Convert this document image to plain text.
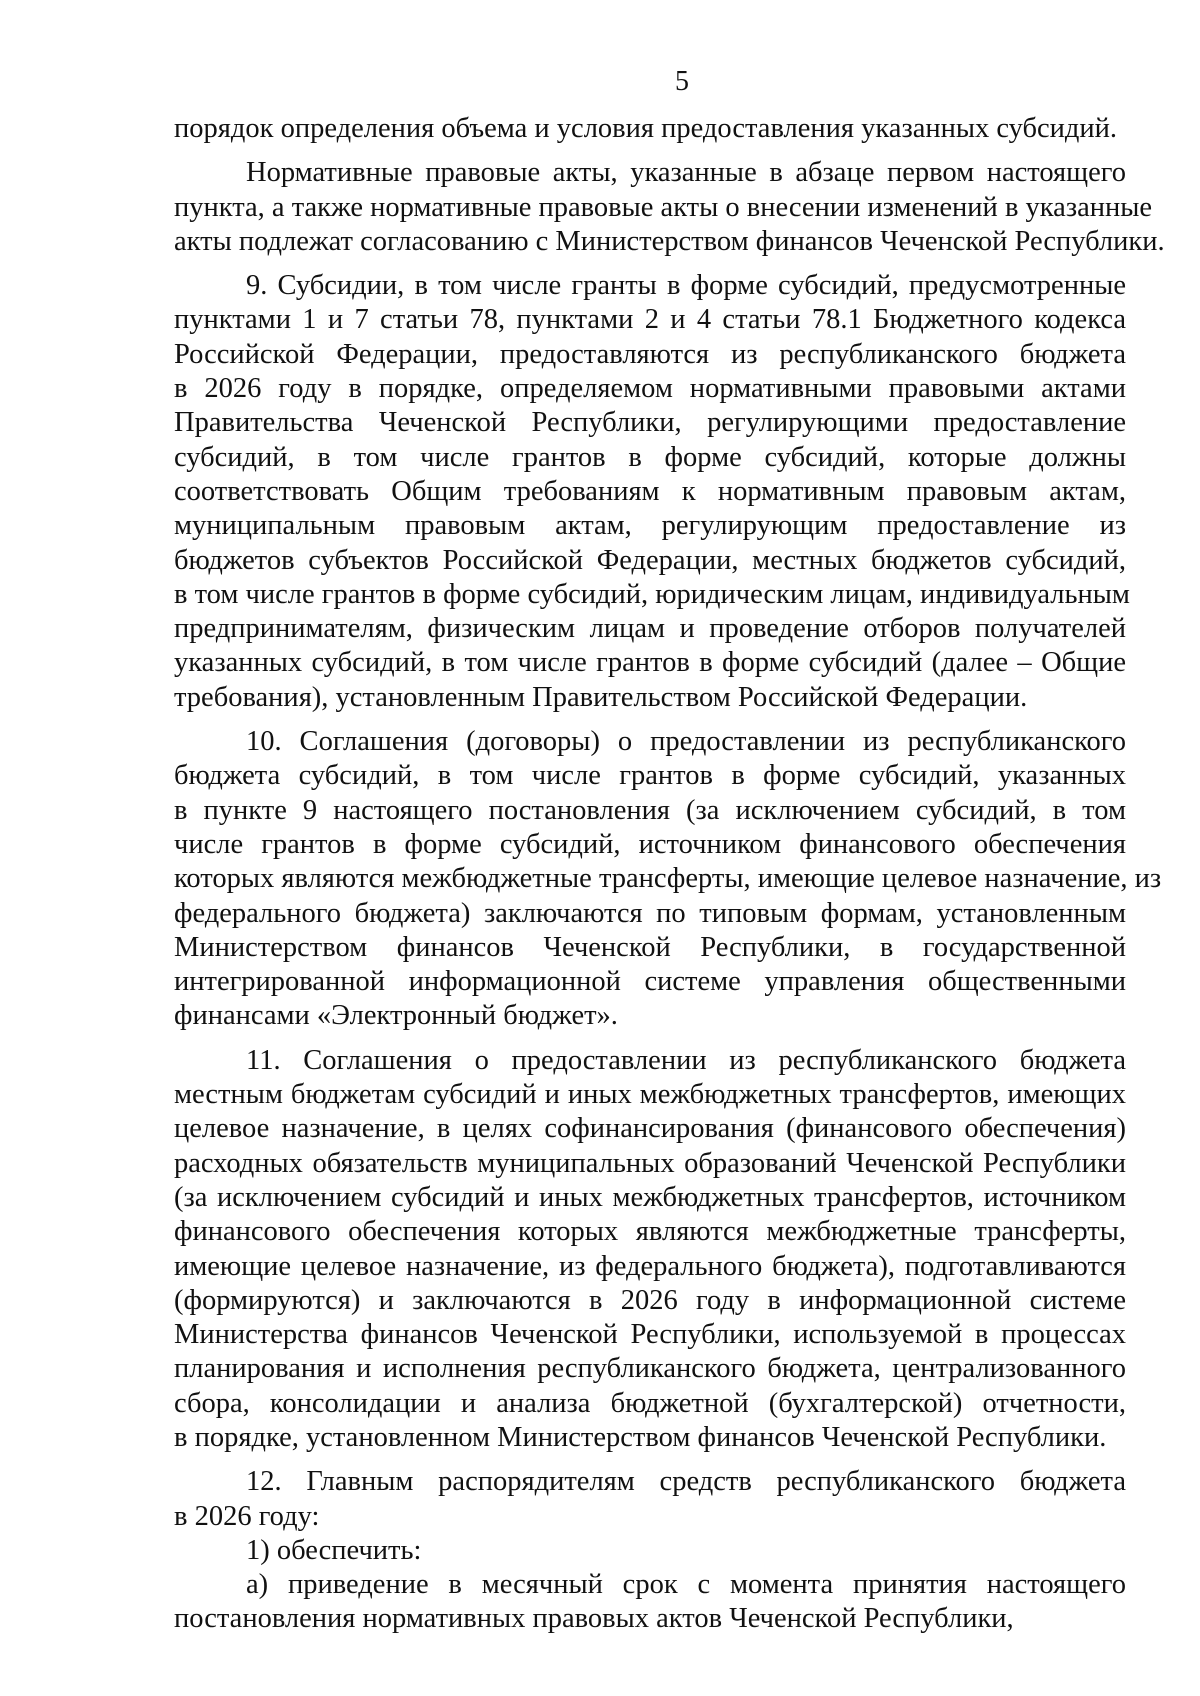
5
порядок определения объема и условия предоставления указанных субсидий.
Нормативные правовые акты, указанные в абзаце первом настоящего
пункта, а также нормативные правовые акты о внесении изменений в указанные
акты подлежат согласованию с Министерством финансов Чеченской Республики.
9. Субсидии, в том числе гранты в форме субсидий, предусмотренные
пунктами 1 и 7 статьи 78, пунктами 2 и 4 статьи 78.1 Бюджетного кодекса
Российской Федерации, предоставляются из республиканского бюджета
в 2026 году в порядке, определяемом нормативными правовыми актами
Правительства Чеченской Республики, регулирующими предоставление
субсидий, в том числе грантов в форме субсидий, которые должны
соответствовать Общим требованиям к нормативным правовым актам,
муниципальным правовым актам, регулирующим предоставление из
бюджетов субъектов Российской Федерации, местных бюджетов субсидий,
в том числе грантов в форме субсидий, юридическим лицам, индивидуальным
предпринимателям, физическим лицам и проведение отборов получателей
указанных субсидий, в том числе грантов в форме субсидий (далее – Общие
требования), установленным Правительством Российской Федерации.
10. Соглашения (договоры) о предоставлении из республиканского
бюджета субсидий, в том числе грантов в форме субсидий, указанных
в пункте 9 настоящего постановления (за исключением субсидий, в том
числе грантов в форме субсидий, источником финансового обеспечения
которых являются межбюджетные трансферты, имеющие целевое назначение, из
федерального бюджета) заключаются по типовым формам, установленным
Министерством финансов Чеченской Республики, в государственной
интегрированной информационной системе управления общественными
финансами «Электронный бюджет».
11. Соглашения о предоставлении из республиканского бюджета
местным бюджетам субсидий и иных межбюджетных трансфертов, имеющих
целевое назначение, в целях софинансирования (финансового обеспечения)
расходных обязательств муниципальных образований Чеченской Республики
(за исключением субсидий и иных межбюджетных трансфертов, источником
финансового обеспечения которых являются межбюджетные трансферты,
имеющие целевое назначение, из федерального бюджета), подготавливаются
(формируются) и заключаются в 2026 году в информационной системе
Министерства финансов Чеченской Республики, используемой в процессах
планирования и исполнения республиканского бюджета, централизованного
сбора, консолидации и анализа бюджетной (бухгалтерской) отчетности,
в порядке, установленном Министерством финансов Чеченской Республики.
12. Главным распорядителям средств республиканского бюджета
в 2026 году:
1) обеспечить:
а) приведение в месячный срок с момента принятия настоящего
постановления нормативных правовых актов Чеченской Республики,
